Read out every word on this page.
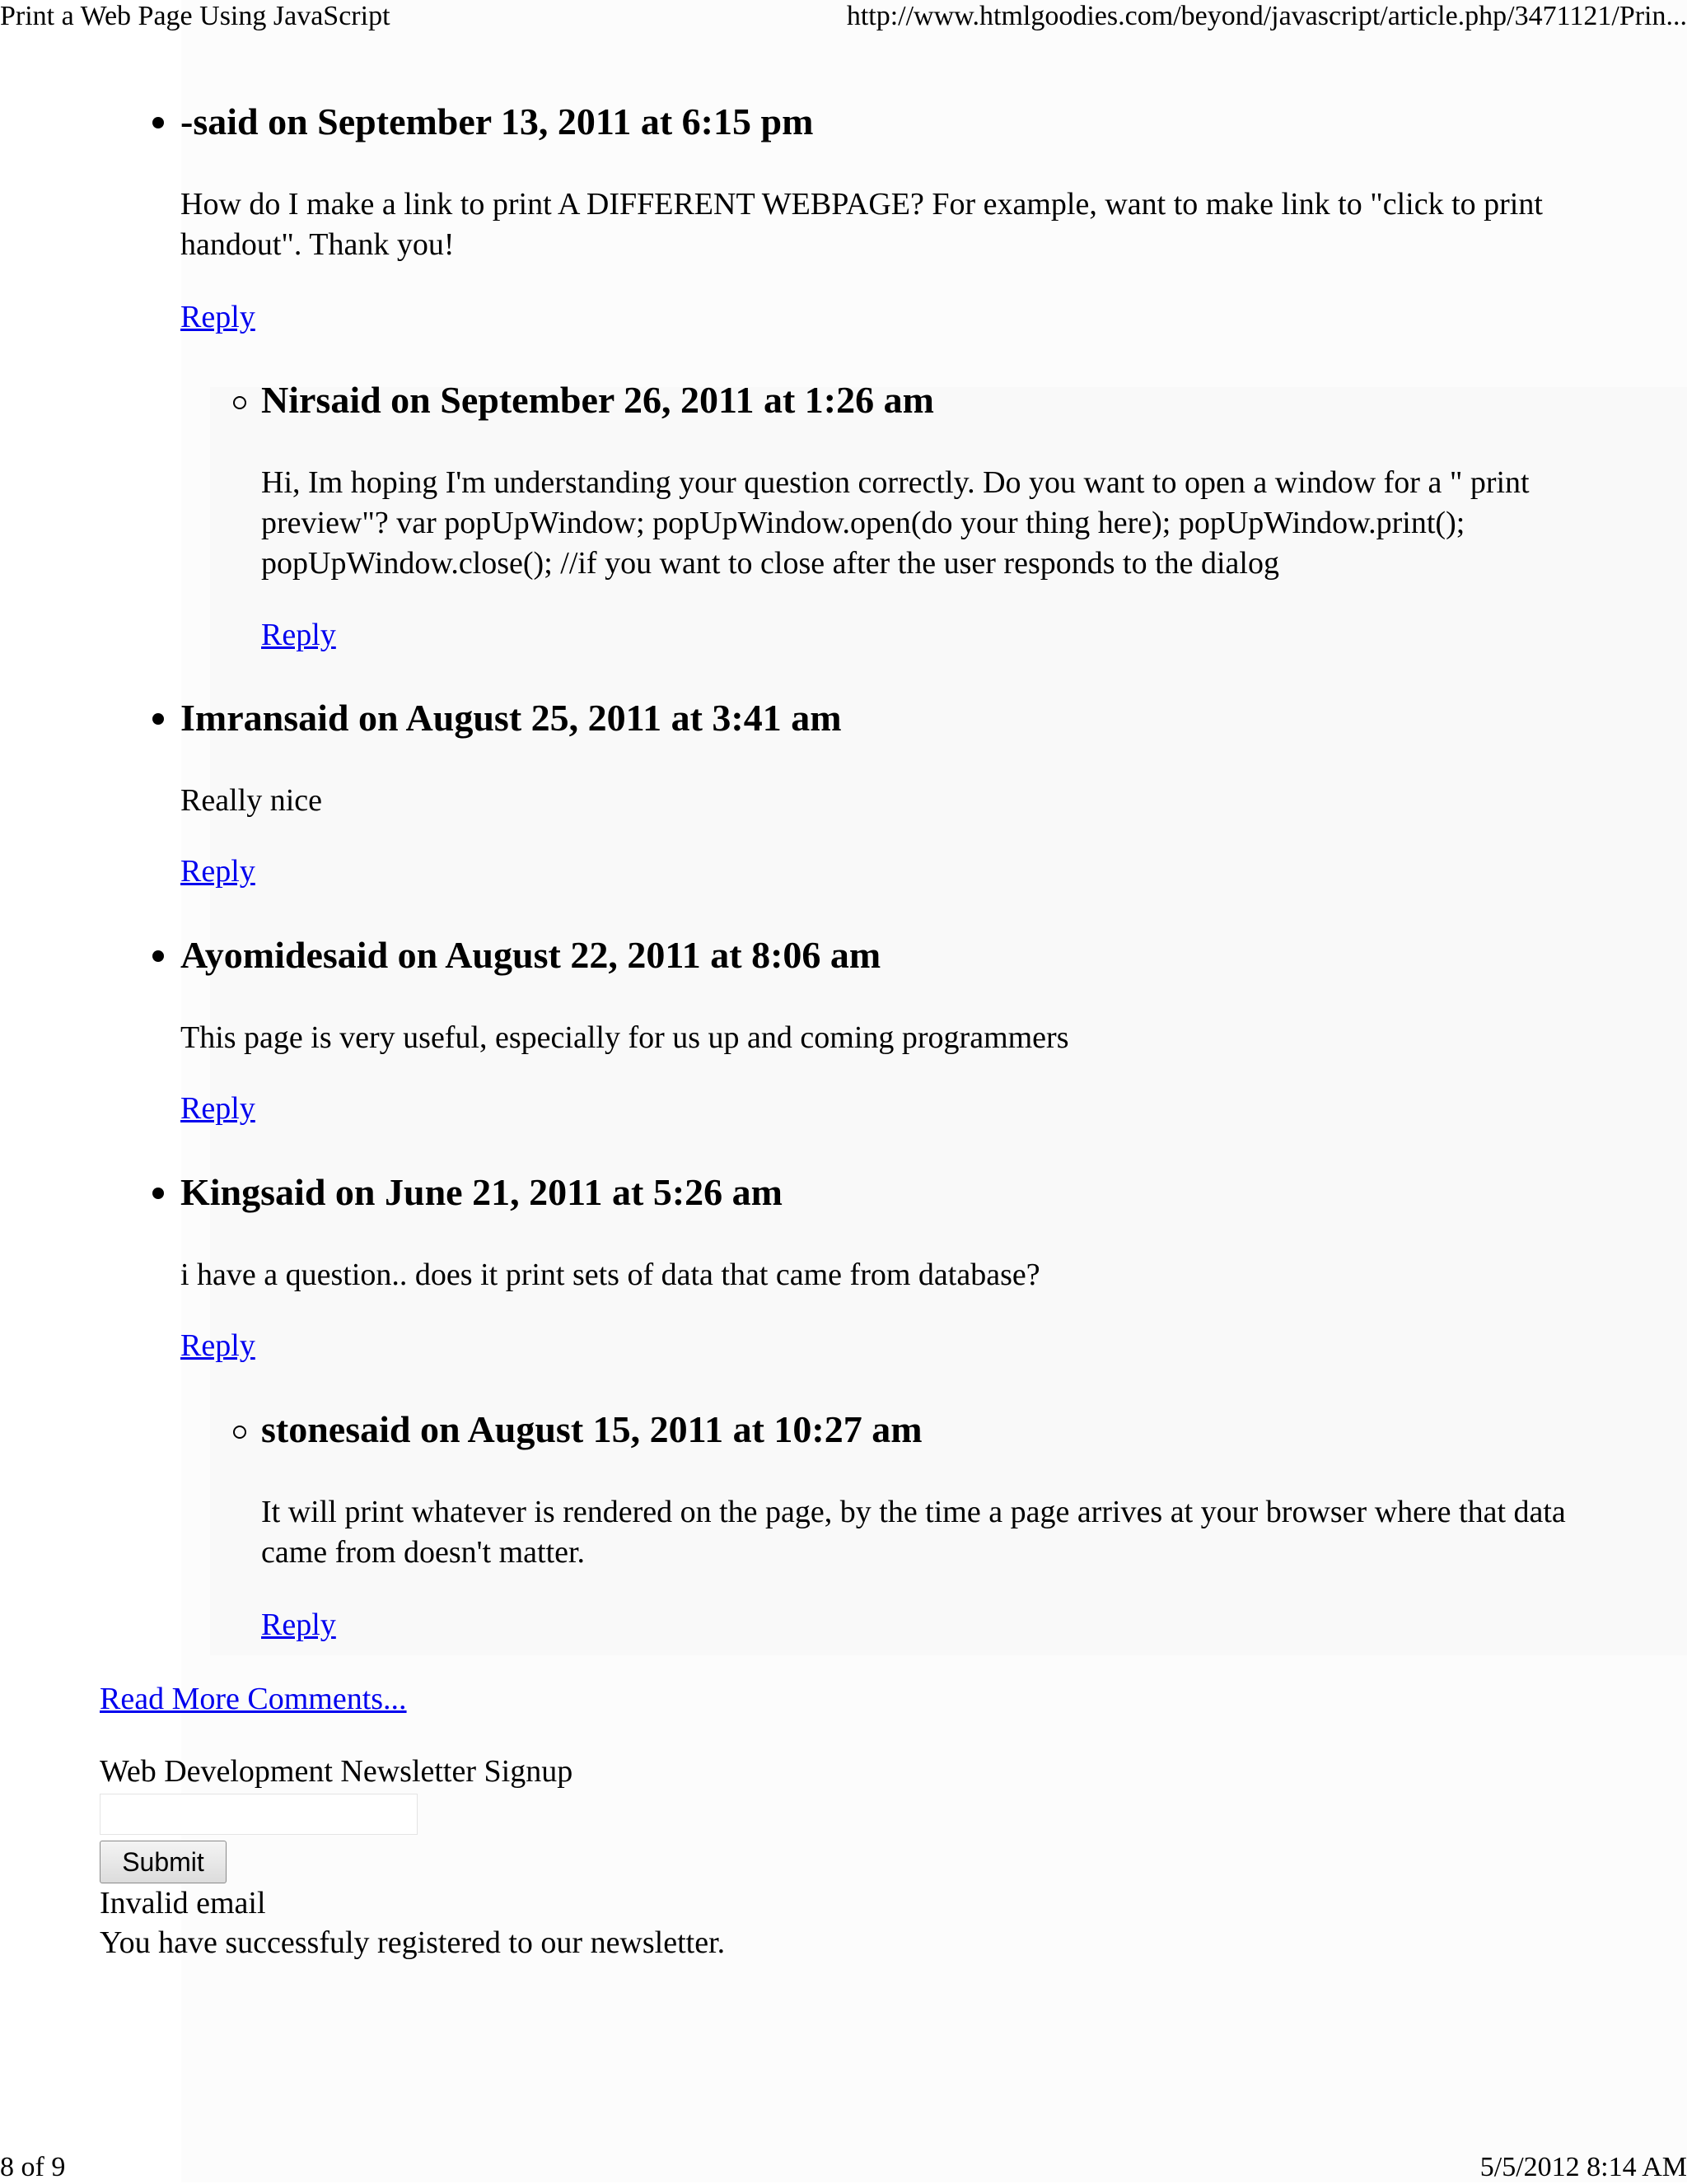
Print a Web Page Using JavaScript	http://www.htmlgoodies.com/beyond/javascript/article.php/3471121/Prin...
-said on September 13, 2011 at 6:15 pm
How do I make a link to print A DIFFERENT WEBPAGE? For example, want to make link to "click to print handout". Thank you!
Reply
Nirsaid on September 26, 2011 at 1:26 am
Hi, Im hoping I'm understanding your question correctly. Do you want to open a window for a " print preview"? var popUpWindow; popUpWindow.open(do your thing here); popUpWindow.print(); popUpWindow.close(); //if you want to close after the user responds to the dialog
Reply
Imransaid on August 25, 2011 at 3:41 am
Really nice
Reply
Ayomidesaid on August 22, 2011 at 8:06 am
This page is very useful, especially for us up and coming programmers
Reply
Kingsaid on June 21, 2011 at 5:26 am
i have a question.. does it print sets of data that came from database?
Reply
stonesaid on August 15, 2011 at 10:27 am
It will print whatever is rendered on the page, by the time a page arrives at your browser where that data came from doesn't matter.
Reply
Read More Comments...
Web Development Newsletter Signup
Submit
Invalid email
You have successfuly registered to our newsletter.
8 of 9	5/5/2012 8:14 AM
